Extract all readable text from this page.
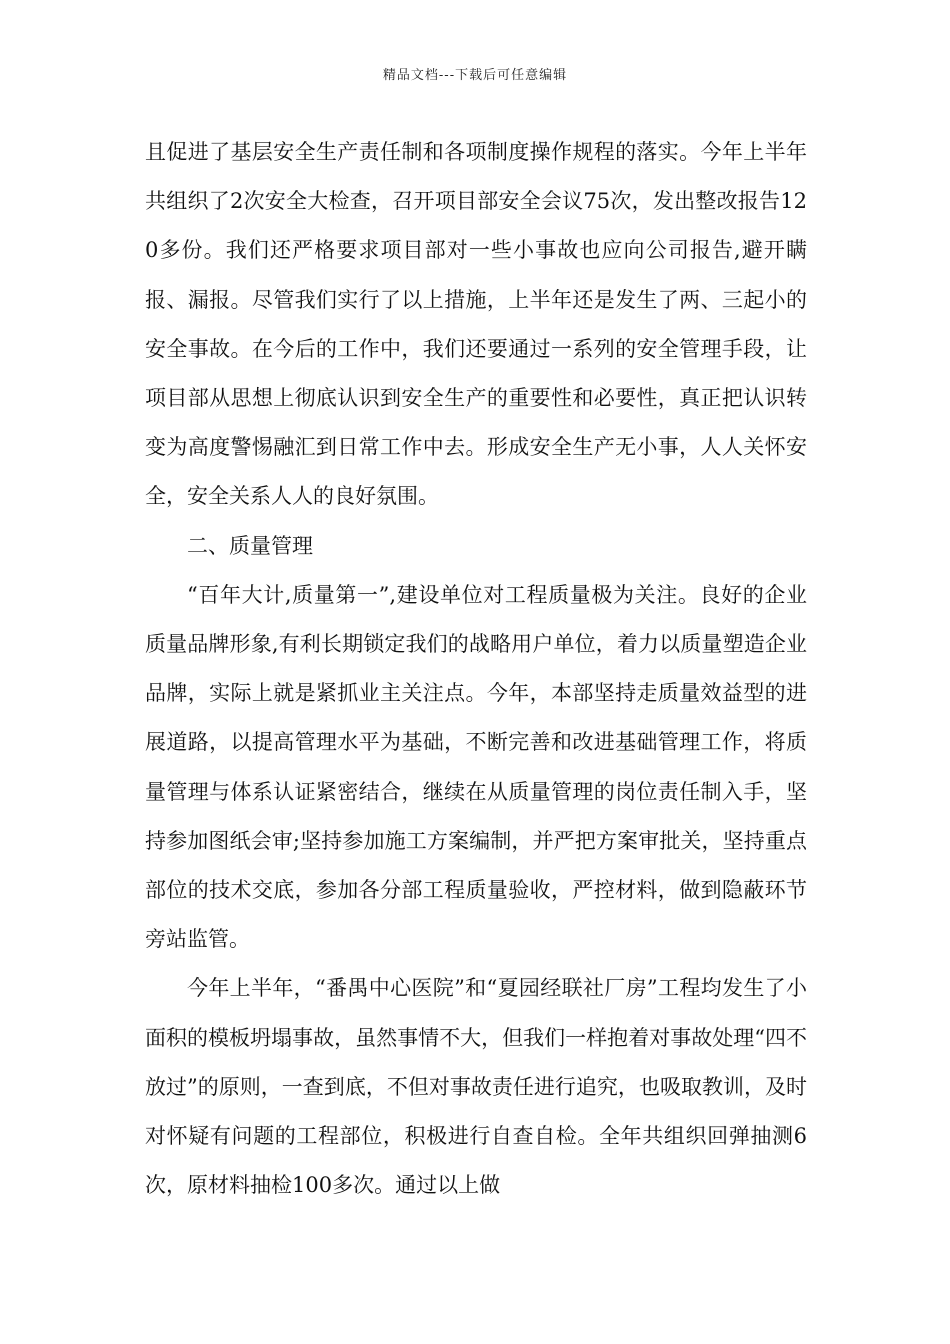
精品文档---下载后可任意编辑

且促进了基层安全生产责任制和各项制度操作规程的落实。今年上半年共组织了2次安全大检查，召开项目部安全会议75次，发出整改报告120多份。我们还严格要求项目部对一些小事故也应向公司报告,避开瞒报、漏报。尽管我们实行了以上措施，上半年还是发生了两、三起小的安全事故。在今后的工作中，我们还要通过一系列的安全管理手段，让项目部从思想上彻底认识到安全生产的重要性和必要性，真正把认识转变为高度警惕融汇到日常工作中去。形成安全生产无小事，人人关怀安全，安全关系人人的良好氛围。

二、质量管理

“百年大计,质量第一”,建设单位对工程质量极为关注。良好的企业质量品牌形象,有利长期锁定我们的战略用户单位，着力以质量塑造企业品牌，实际上就是紧抓业主关注点。今年，本部坚持走质量效益型的进展道路，以提高管理水平为基础，不断完善和改进基础管理工作，将质量管理与体系认证紧密结合，继续在从质量管理的岗位责任制入手，坚持参加图纸会审;坚持参加施工方案编制，并严把方案审批关，坚持重点部位的技术交底，参加各分部工程质量验收，严控材料，做到隐蔽环节旁站监管。

今年上半年，“番禺中心医院”和“夏园经联社厂房”工程均发生了小面积的模板坍塌事故，虽然事情不大，但我们一样抱着对事故处理“四不放过”的原则，一查到底，不但对事故责任进行追究，也吸取教训，及时对怀疑有问题的工程部位，积极进行自查自检。全年共组织回弹抽测6次，原材料抽检100多次。通过以上做
